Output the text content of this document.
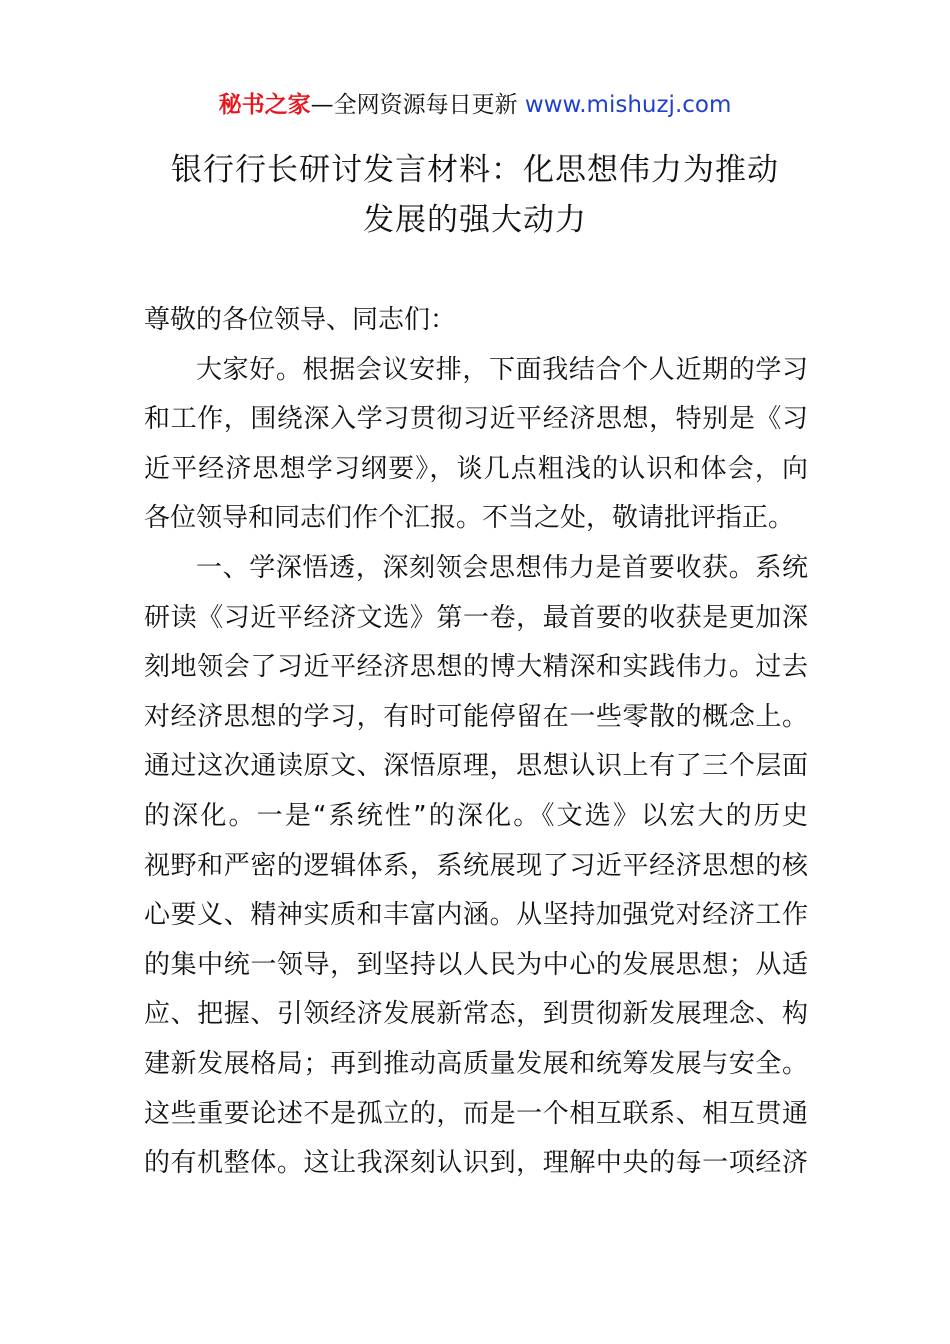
秘书之家—全网资源每日更新 www.mishuzj.com
银行行长研讨发言材料：化思想伟力为推动
发展的强大动力
尊敬的各位领导、同志们：
大家好。根据会议安排，下面我结合个人近期的学习
和工作，围绕深入学习贯彻习近平经济思想，特别是《习
近平经济思想学习纲要》，谈几点粗浅的认识和体会，向
各位领导和同志们作个汇报。不当之处，敬请批评指正。
一、学深悟透，深刻领会思想伟力是首要收获。系统
研读《习近平经济文选》第一卷，最首要的收获是更加深
刻地领会了习近平经济思想的博大精深和实践伟力。过去
对经济思想的学习，有时可能停留在一些零散的概念上。
通过这次通读原文、深悟原理，思想认识上有了三个层面
的深化。一是“系统性”的深化。《文选》以宏大的历史
视野和严密的逻辑体系，系统展现了习近平经济思想的核
心要义、精神实质和丰富内涵。从坚持加强党对经济工作
的集中统一领导，到坚持以人民为中心的发展思想；从适
应、把握、引领经济发展新常态，到贯彻新发展理念、构
建新发展格局；再到推动高质量发展和统筹发展与安全。
这些重要论述不是孤立的，而是一个相互联系、相互贯通
的有机整体。这让我深刻认识到，理解中央的每一项经济
